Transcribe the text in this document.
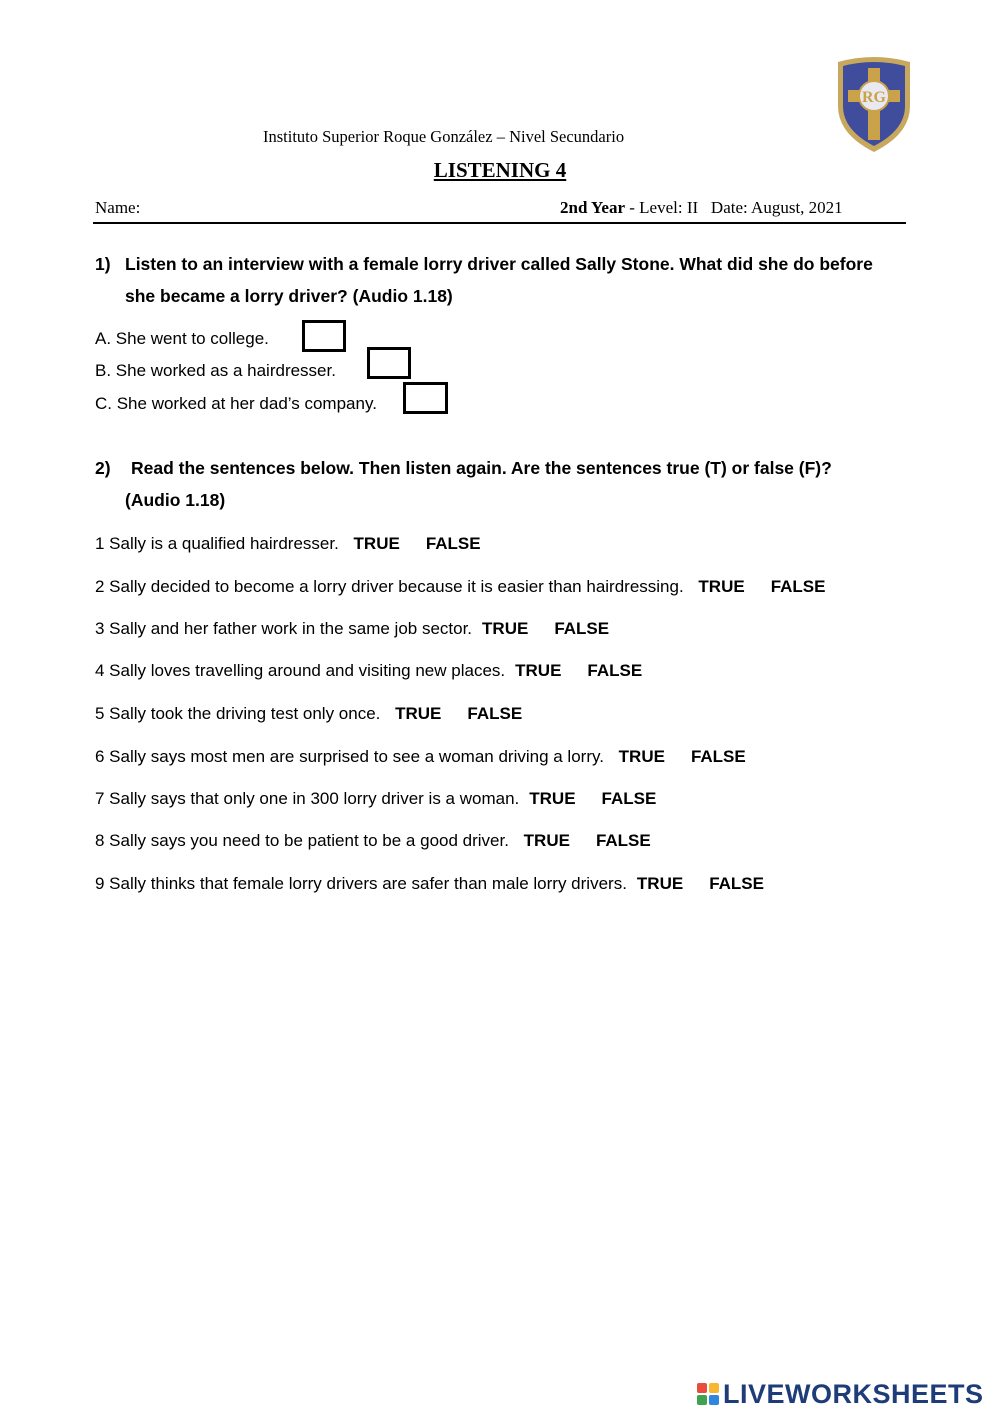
RG
Instituto Superior Roque González – Nivel Secundario
LISTENING 4
Name:	2nd Year - Level: II Date: August, 2021
1) Listen to an interview with a female lorry driver called Sally Stone. What did she do before she became a lorry driver? (Audio 1.18)
A. She went to college.
B. She worked as a hairdresser.
C. She worked at her dad’s company.
2)	Read the sentences below. Then listen again. Are the sentences true (T) or false (F)?
(Audio 1.18)
1 Sally is a qualified hairdresser. TRUE FALSE
2 Sally decided to become a lorry driver because it is easier than hairdressing. TRUE FALSE
3 Sally and her father work in the same job sector. TRUE FALSE
4 Sally loves travelling around and visiting new places. TRUE FALSE
5 Sally took the driving test only once. TRUE FALSE
6 Sally says most men are surprised to see a woman driving a lorry. TRUE FALSE
7 Sally says that only one in 300 lorry driver is a woman. TRUE FALSE
8 Sally says you need to be patient to be a good driver. TRUE FALSE
9 Sally thinks that female lorry drivers are safer than male lorry drivers. TRUE FALSE
LIVEWORKSHEETS
